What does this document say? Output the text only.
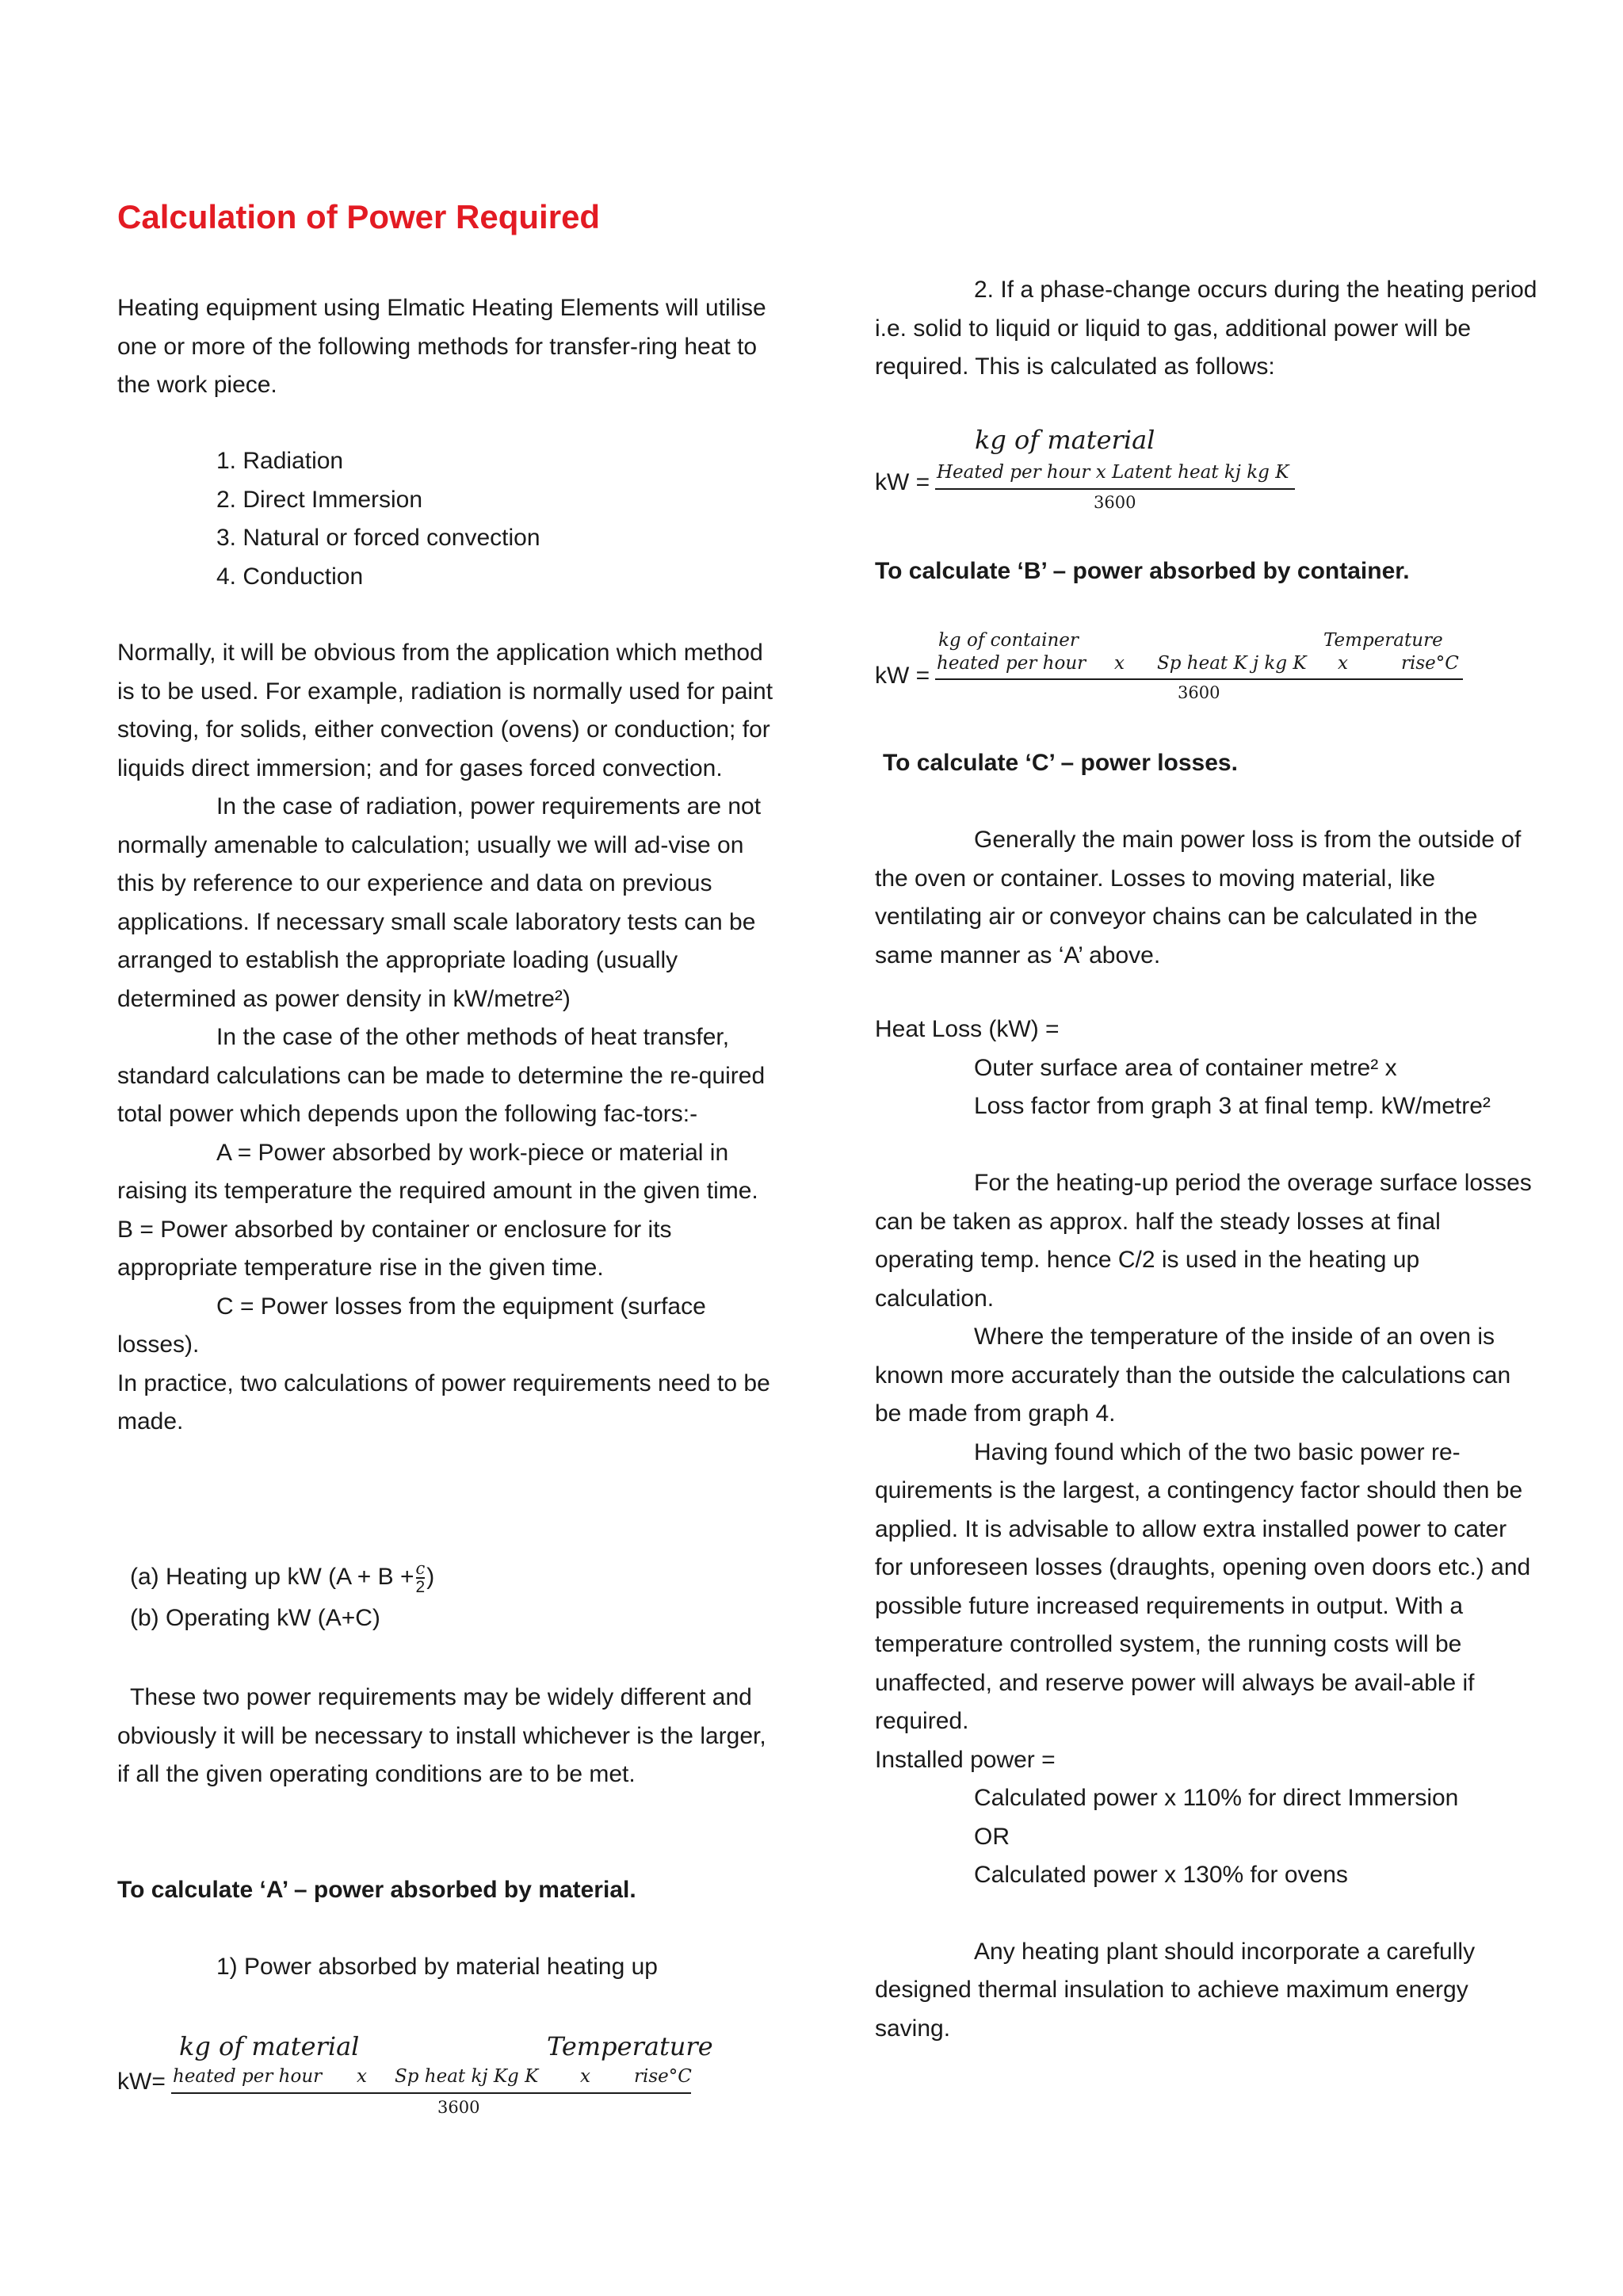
Calculation of Power Required

Heating equipment using Elmatic Heating Elements will utilise one or more of the following methods for transfer-ring heat to the work piece.

1. Radiation
2. Direct Immersion
3. Natural or forced convection
4. Conduction

Normally, it will be obvious from the application which method is to be used. For example, radiation is normally used for paint stoving, for solids, either convection (ovens) or conduction; for liquids direct immersion; and for gases forced convection.

In the case of radiation, power requirements are not normally amenable to calculation; usually we will ad-vise on this by reference to our experience and data on previous applications. If necessary small scale laboratory tests can be arranged to establish the appropriate loading (usually determined as power density in kW/metre²)

In the case of the other methods of heat transfer, standard calculations can be made to determine the re-quired total power which depends upon the following fac-tors:-

A = Power absorbed by work-piece or material in raising its temperature the required amount in the given time. B = Power absorbed by container or enclosure for its appropriate temperature rise in the given time.

C = Power losses from the equipment (surface losses).

In practice, two calculations of power requirements need to be made.

(a) Heating up kW ($A + B + \frac{c}{2}$ )

(b) Operating kW (A+C)

These two power requirements may be widely different and obviously it will be necessary to install whichever is the larger, if all the given operating conditions are to be met.

To calculate ‘A’ – power absorbed by material.

1) Power absorbed by material heating up

kW=
kg of material	Temperature
heated per hour x Sp heat kj Kg K x rise°C
3600

2. If a phase-change occurs during the heating period i.e. solid to liquid or liquid to gas, additional power will be required. This is calculated as follows:

kg of material
kW = Heated per hour x Latent heat kj kg K
3600

To calculate ‘B’ – power absorbed by container.

kg of container	Temperature
kW = heated per hour x Sp heat K j kg K x	rise°C
3600

To calculate ‘C’ – power losses.

Generally the main power loss is from the outside of the oven or container. Losses to moving material, like ventilating air or conveyor chains can be calculated in the same manner as ‘A’ above.

Heat Loss (kW) =

Outer surface area of container metre² x

Loss factor from graph 3 at final temp. kW/metre²

For the heating-up period the overage surface losses can be taken as approx. half the steady losses at final operating temp. hence C/2 is used in the heating up calculation.

Where the temperature of the inside of an oven is known more accurately than the outside the calculations can be made from graph 4.

Having found which of the two basic power re-quirements is the largest, a contingency factor should then be applied. It is advisable to allow extra installed power to cater for unforeseen losses (draughts, opening oven doors etc.) and possible future increased requirements in output. With a temperature controlled system, the running costs will be unaffected, and reserve power will always be avail-able if required.

Installed power =

Calculated power x 110% for direct Immersion

OR

Calculated power x 130% for ovens

Any heating plant should incorporate a carefully designed thermal insulation to achieve maximum energy saving.
